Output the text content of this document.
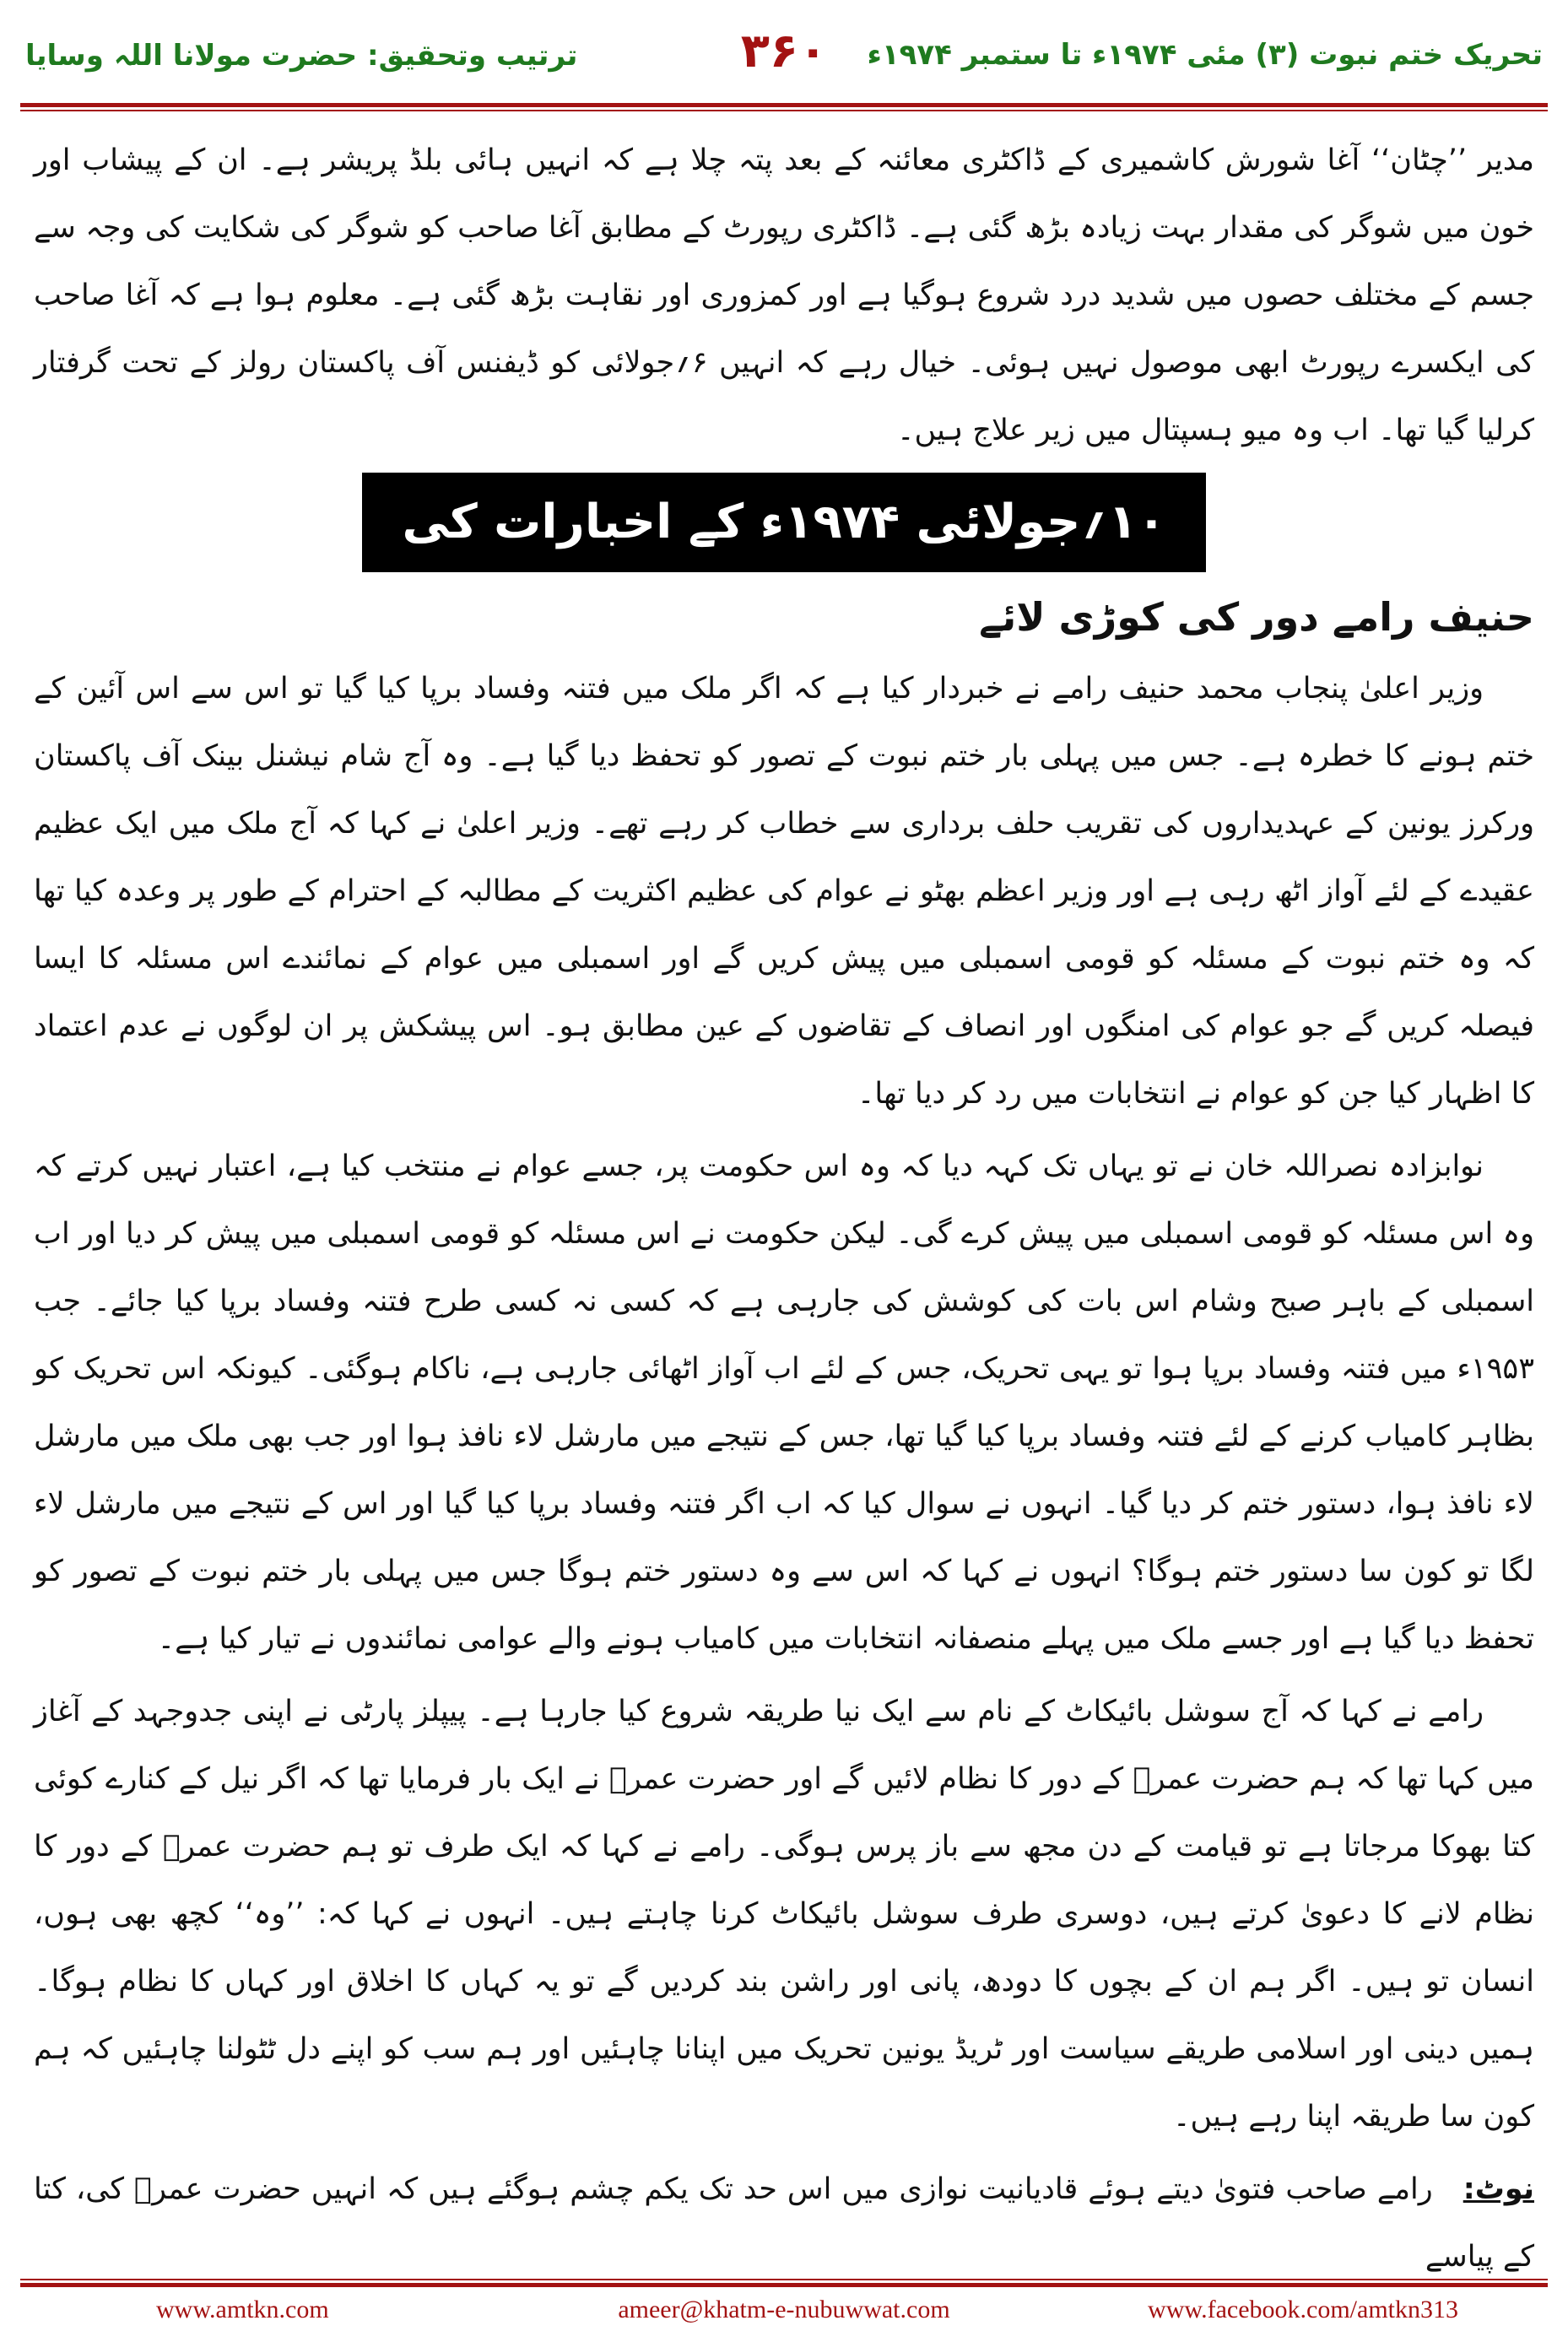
تحریک ختم نبوت (۳) مئی ۱۹۷۴ء تا ستمبر ۱۹۷۴ء
۳۶۰
ترتیب وتحقیق: حضرت مولانا اللہ وسایا

مدیر ’’چٹان‘‘ آغا شورش کاشمیری کے ڈاکٹری معائنہ کے بعد پتہ چلا ہے کہ انہیں ہائی بلڈ پریشر ہے۔ ان کے پیشاب اور خون میں شوگر کی مقدار بہت زیادہ بڑھ گئی ہے۔ ڈاکٹری رپورٹ کے مطابق آغا صاحب کو شوگر کی شکایت کی وجہ سے جسم کے مختلف حصوں میں شدید درد شروع ہوگیا ہے اور کمزوری اور نقاہت بڑھ گئی ہے۔ معلوم ہوا ہے کہ آغا صاحب کی ایکسرے رپورٹ ابھی موصول نہیں ہوئی۔ خیال رہے کہ انہیں ۶؍جولائی کو ڈیفنس آف پاکستان رولز کے تحت گرفتار کرلیا گیا تھا۔ اب وہ میو ہسپتال میں زیر علاج ہیں۔

۱۰؍جولائی ۱۹۷۴ء کے اخبارات کی رپورٹ	حنیف رامے دور کی کوڑی لائے

وزیر اعلیٰ پنجاب محمد حنیف رامے نے خبردار کیا ہے کہ اگر ملک میں فتنہ وفساد برپا کیا گیا تو اس سے اس آئین کے ختم ہونے کا خطرہ ہے۔ جس میں پہلی بار ختم نبوت کے تصور کو تحفظ دیا گیا ہے۔ وہ آج شام نیشنل بینک آف پاکستان ورکرز یونین کے عہدیداروں کی تقریب حلف برداری سے خطاب کر رہے تھے۔ وزیر اعلیٰ نے کہا کہ آج ملک میں ایک عظیم عقیدے کے لئے آواز اٹھ رہی ہے اور وزیر اعظم بھٹو نے عوام کی عظیم اکثریت کے مطالبہ کے احترام کے طور پر وعدہ کیا تھا کہ وہ ختم نبوت کے مسئلہ کو قومی اسمبلی میں پیش کریں گے اور اسمبلی میں عوام کے نمائندے اس مسئلہ کا ایسا فیصلہ کریں گے جو عوام کی امنگوں اور انصاف کے تقاضوں کے عین مطابق ہو۔ اس پیشکش پر ان لوگوں نے عدم اعتماد کا اظہار کیا جن کو عوام نے انتخابات میں رد کر دیا تھا۔

نوابزادہ نصراللہ خان نے تو یہاں تک کہہ دیا کہ وہ اس حکومت پر، جسے عوام نے منتخب کیا ہے، اعتبار نہیں کرتے کہ وہ اس مسئلہ کو قومی اسمبلی میں پیش کرے گی۔ لیکن حکومت نے اس مسئلہ کو قومی اسمبلی میں پیش کر دیا اور اب اسمبلی کے باہر صبح وشام اس بات کی کوشش کی جارہی ہے کہ کسی نہ کسی طرح فتنہ وفساد برپا کیا جائے۔ جب ۱۹۵۳ء میں فتنہ وفساد برپا ہوا تو یہی تحریک، جس کے لئے اب آواز اٹھائی جارہی ہے، ناکام ہوگئی۔ کیونکہ اس تحریک کو بظاہر کامیاب کرنے کے لئے فتنہ وفساد برپا کیا گیا تھا، جس کے نتیجے میں مارشل لاء نافذ ہوا اور جب بھی ملک میں مارشل لاء نافذ ہوا، دستور ختم کر دیا گیا۔ انہوں نے سوال کیا کہ اب اگر فتنہ وفساد برپا کیا گیا اور اس کے نتیجے میں مارشل لاء لگا تو کون سا دستور ختم ہوگا؟ انہوں نے کہا کہ اس سے وہ دستور ختم ہوگا جس میں پہلی بار ختم نبوت کے تصور کو تحفظ دیا گیا ہے اور جسے ملک میں پہلے منصفانہ انتخابات میں کامیاب ہونے والے عوامی نمائندوں نے تیار کیا ہے۔

رامے نے کہا کہ آج سوشل بائیکاٹ کے نام سے ایک نیا طریقہ شروع کیا جارہا ہے۔ پیپلز پارٹی نے اپنی جدوجہد کے آغاز میں کہا تھا کہ ہم حضرت عمرؓ کے دور کا نظام لائیں گے اور حضرت عمرؓ نے ایک بار فرمایا تھا کہ اگر نیل کے کنارے کوئی کتا بھوکا مرجاتا ہے تو قیامت کے دن مجھ سے باز پرس ہوگی۔ رامے نے کہا کہ ایک طرف تو ہم حضرت عمرؓ کے دور کا نظام لانے کا دعویٰ کرتے ہیں، دوسری طرف سوشل بائیکاٹ کرنا چاہتے ہیں۔ انہوں نے کہا کہ: ’’وہ‘‘ کچھ بھی ہوں، انسان تو ہیں۔ اگر ہم ان کے بچوں کا دودھ، پانی اور راشن بند کردیں گے تو یہ کہاں کا اخلاق اور کہاں کا نظام ہوگا۔ ہمیں دینی اور اسلامی طریقے سیاست اور ٹریڈ یونین تحریک میں اپنانا چاہئیں اور ہم سب کو اپنے دل ٹٹولنا چاہئیں کہ ہم کون سا طریقہ اپنا رہے ہیں۔

نوٹ:   رامے صاحب فتویٰ دیتے ہوئے قادیانیت نوازی میں اس حد تک یکم چشم ہوگئے ہیں کہ انہیں حضرت عمرؓ کی، کتا کے پیاسے

www.amtkn.com	ameer@khatm-e-nubuwwat.com	www.facebook.com/amtkn313
